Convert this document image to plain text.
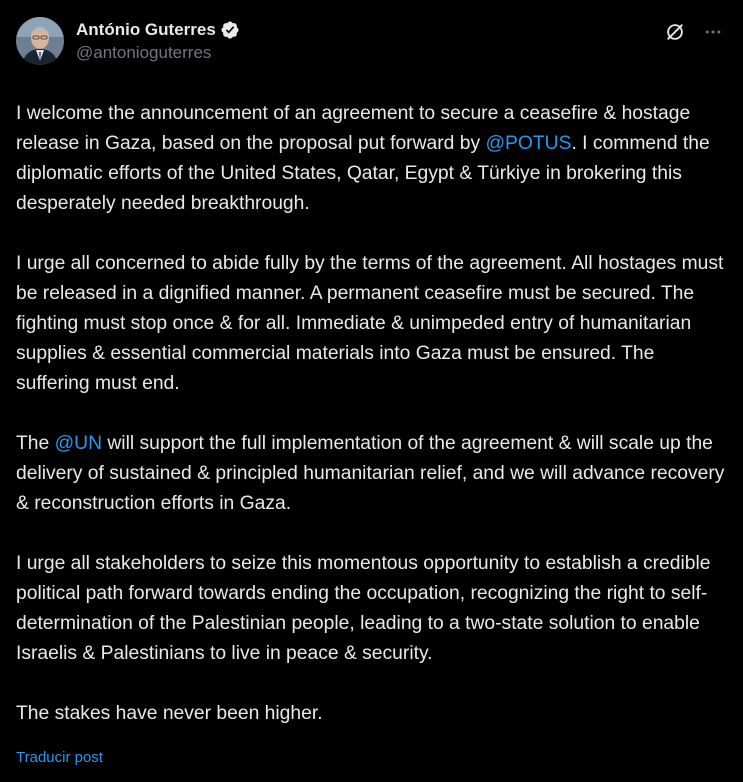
António Guterres
@antonioguterres

I welcome the announcement of an agreement to secure a ceasefire & hostage release in Gaza, based on the proposal put forward by @POTUS. I commend the diplomatic efforts of the United States, Qatar, Egypt & Türkiye in brokering this desperately needed breakthrough.

I urge all concerned to abide fully by the terms of the agreement. All hostages must be released in a dignified manner. A permanent ceasefire must be secured. The fighting must stop once & for all. Immediate & unimpeded entry of humanitarian supplies & essential commercial materials into Gaza must be ensured. The suffering must end.

The @UN will support the full implementation of the agreement & will scale up the delivery of sustained & principled humanitarian relief, and we will advance recovery & reconstruction efforts in Gaza.

I urge all stakeholders to seize this momentous opportunity to establish a credible political path forward towards ending the occupation, recognizing the right to self-determination of the Palestinian people, leading to a two-state solution to enable Israelis & Palestinians to live in peace & security.

The stakes have never been higher.

Traducir post
